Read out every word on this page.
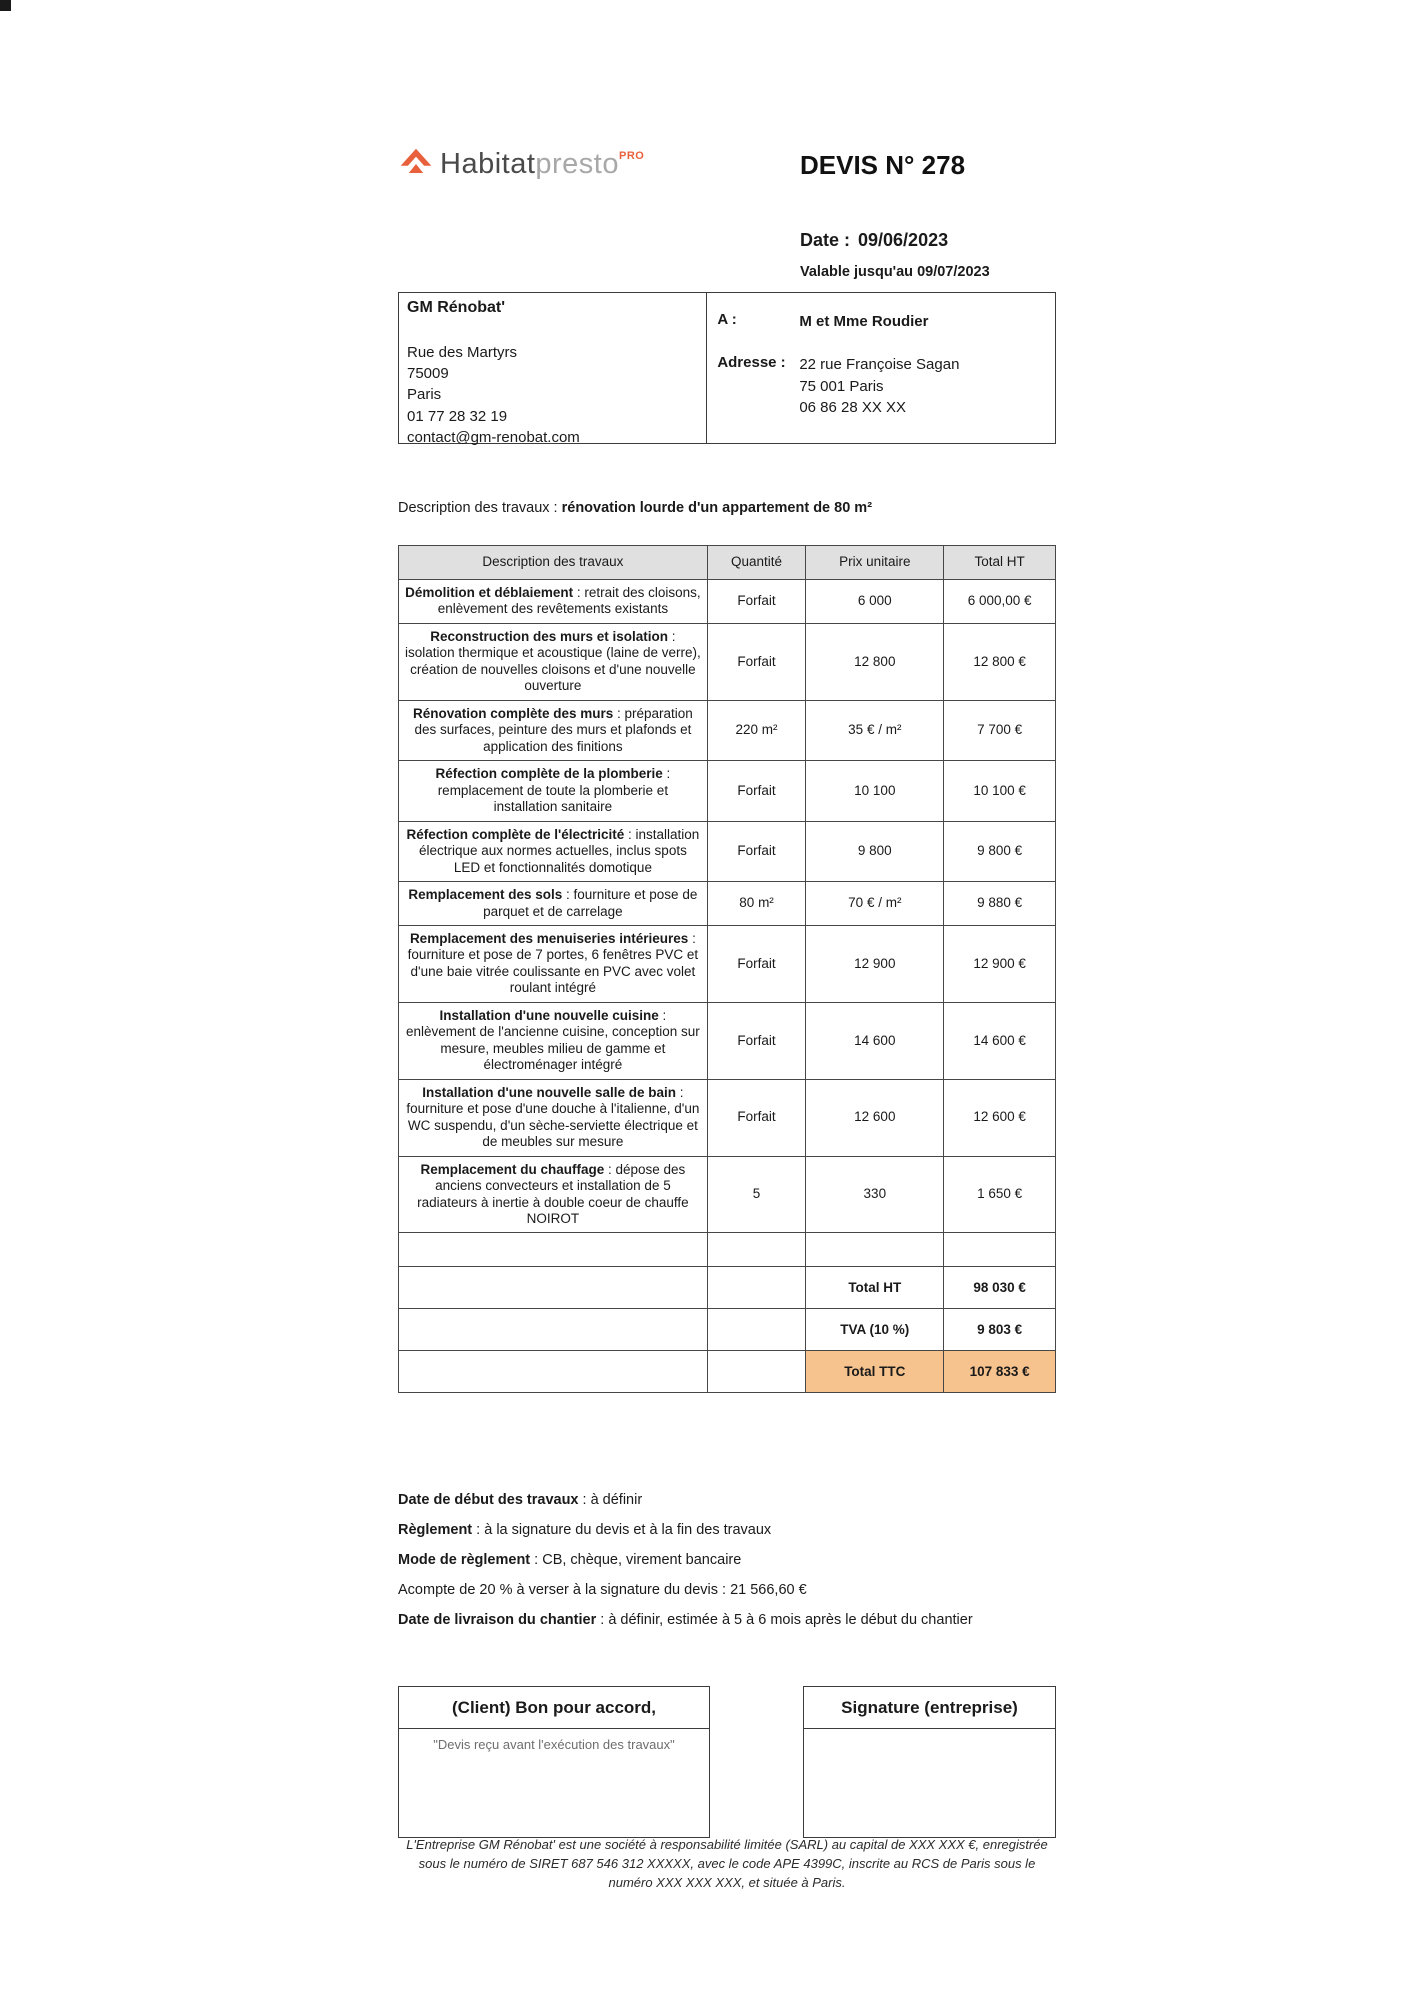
Habitatpresto$^{PRO}$	DEVIS N° 278
Date : 09/06/2023
Valable jusqu'au 09/07/2023
GM Rénobat'
Rue des Martyrs
75009
Paris
01 77 28 32 19
contact@gm-renobat.com
A :	M et Mme Roudier
Adresse : 22 rue Françoise Sagan
75 001 Paris
06 86 28 XX XX
Description des travaux : rénovation lourde d'un appartement de 80 m²
Description des travaux	Quantité	Prix unitaire	Total HT
Démolition et déblaiement : retrait des cloisons, enlèvement des revêtements existants	Forfait	6 000	6 000,00 €
Reconstruction des murs et isolation : isolation thermique et acoustique (laine de verre), création de nouvelles cloisons et d'une nouvelle ouverture	Forfait	12 800	12 800 €
Rénovation complète des murs : préparation des surfaces, peinture des murs et plafonds et application des finitions	220 m²	35 € / m²	7 700 €
Réfection complète de la plomberie : remplacement de toute la plomberie et installation sanitaire	Forfait	10 100	10 100 €
Réfection complète de l'électricité : installation électrique aux normes actuelles, inclus spots LED et fonctionnalités domotique	Forfait	9 800	9 800 €
Remplacement des sols : fourniture et pose de parquet et de carrelage	80 m²	70 € / m²	9 880 €
Remplacement des menuiseries intérieures : fourniture et pose de 7 portes, 6 fenêtres PVC et d'une baie vitrée coulissante en PVC avec volet roulant intégré	Forfait	12 900	12 900 €
Installation d'une nouvelle cuisine : enlèvement de l'ancienne cuisine, conception sur mesure, meubles milieu de gamme et électroménager intégré	Forfait	14 600	14 600 €
Installation d'une nouvelle salle de bain : fourniture et pose d'une douche à l'italienne, d'un WC suspendu, d'un sèche-serviette électrique et de meubles sur mesure	Forfait	12 600	12 600 €
Remplacement du chauffage : dépose des anciens convecteurs et installation de 5 radiateurs à inertie à double coeur de chauffe NOIROT	5	330	1 650 €

		Total HT	98 030 €
		TVA (10 %)	9 803 €
		Total TTC	107 833 €
Date de début des travaux : à définir
Règlement : à la signature du devis et à la fin des travaux
Mode de règlement : CB, chèque, virement bancaire
Acompte de 20 % à verser à la signature du devis : 21 566,60 €
Date de livraison du chantier : à définir, estimée à 5 à 6 mois après le début du chantier
(Client) Bon pour accord,
"Devis reçu avant l'exécution des travaux"
Signature (entreprise)
L'Entreprise GM Rénobat' est une société à responsabilité limitée (SARL) au capital de XXX XXX €, enregistrée sous le numéro de SIRET 687 546 312 XXXXX, avec le code APE 4399C, inscrite au RCS de Paris sous le numéro XXX XXX XXX, et située à Paris.
